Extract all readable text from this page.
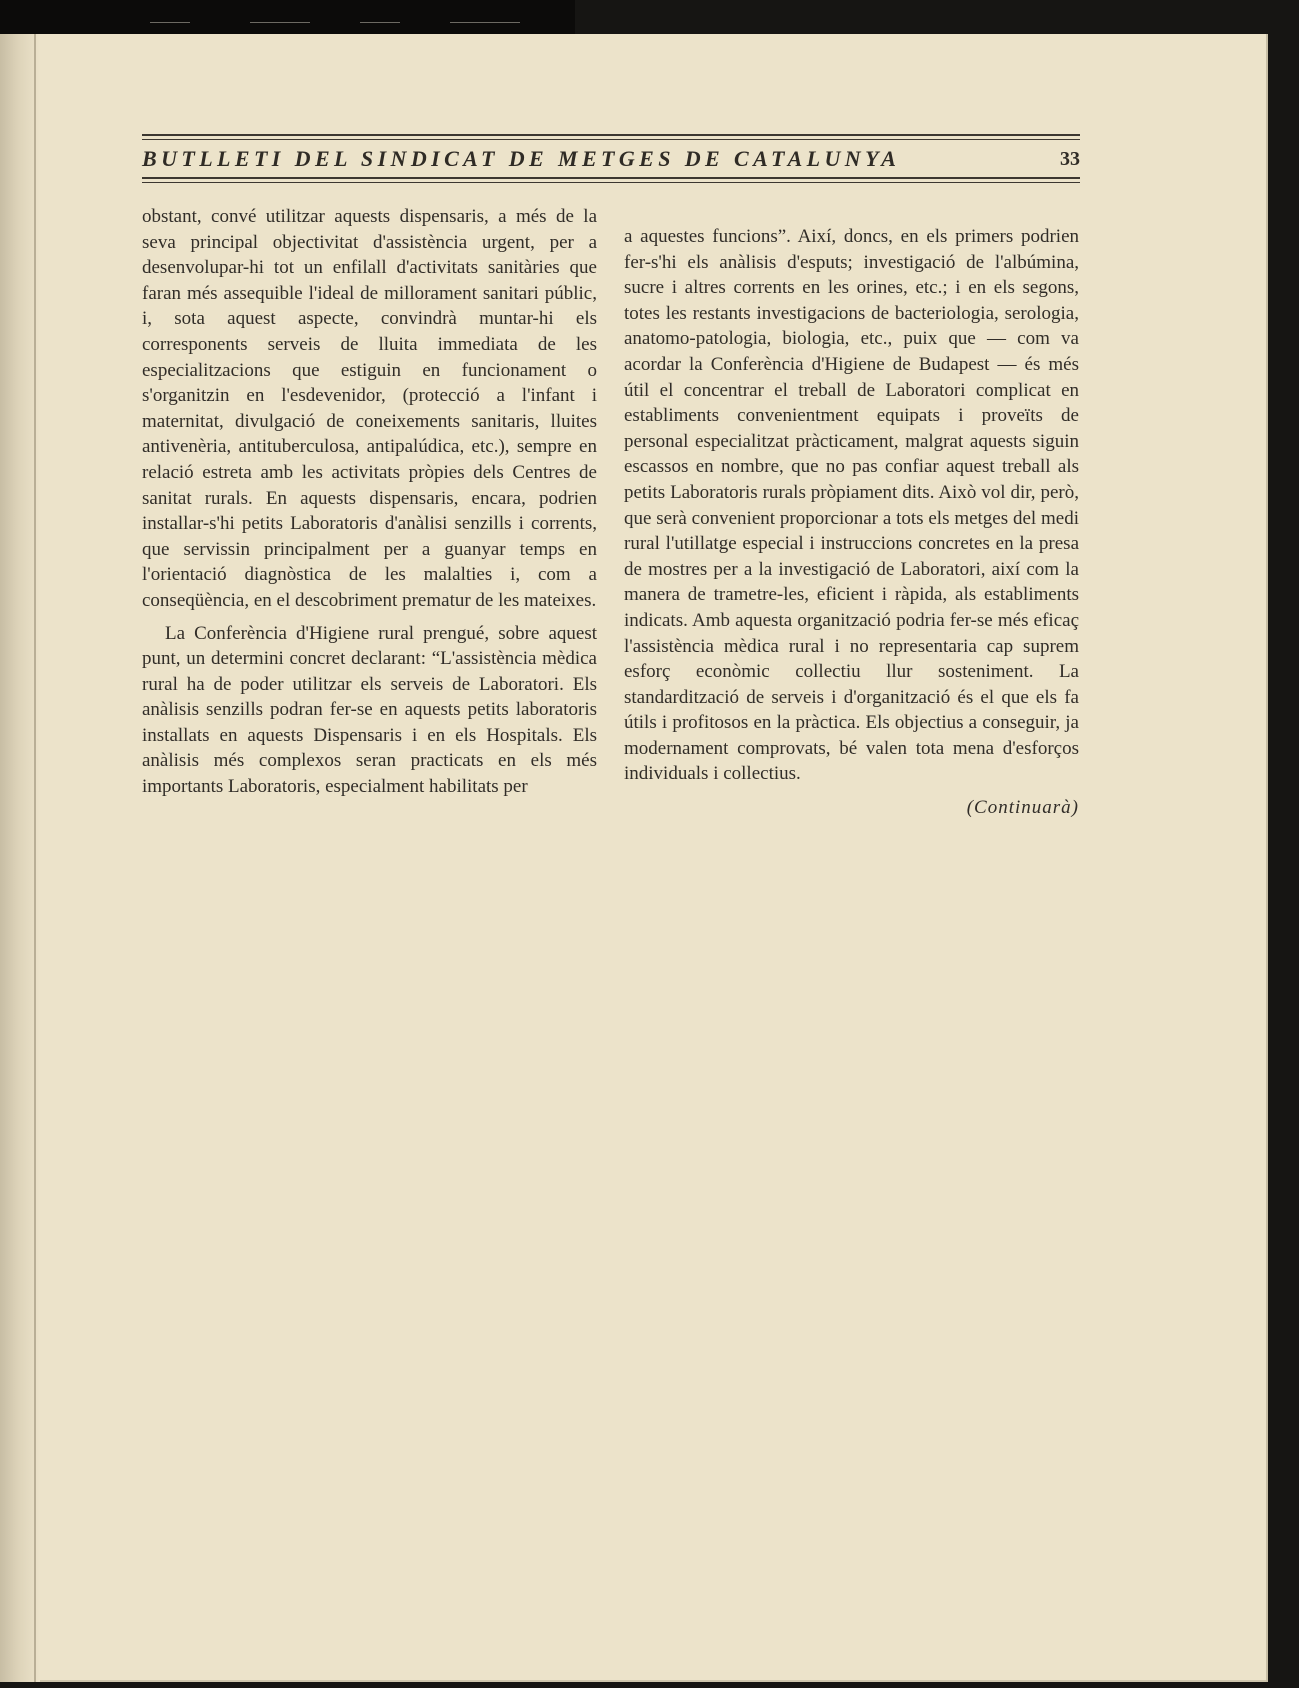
BUTLLETI DEL SINDICAT DE METGES DE CATALUNYA	33

obstant, convé utilitzar aquests dispensaris, a més de la seva principal objectivitat d'assistència urgent, per a desenvolupar-hi tot un enfilall d'activitats sanitàries que faran més assequible l'ideal de millorament sanitari públic, i, sota aquest aspecte, convindrà muntar-hi els corresponents serveis de lluita immediata de les especialitzacions que estiguin en funcionament o s'organitzin en l'esdevenidor, (protecció a l'infant i maternitat, divulgació de coneixements sanitaris, lluites antivenèria, antituberculosa, antipalúdica, etc.), sempre en relació estreta amb les activitats pròpies dels Centres de sanitat rurals. En aquests dispensaris, encara, podrien installar-s'hi petits Laboratoris d'anàlisi senzills i corrents, que servissin principalment per a guanyar temps en l'orientació diagnòstica de les malalties i, com a conseqüència, en el descobriment prematur de les mateixes.

La Conferència d'Higiene rural prengué, sobre aquest punt, un determini concret declarant: “L'assistència mèdica rural ha de poder utilitzar els serveis de Laboratori. Els anàlisis senzills podran fer-se en aquests petits laboratoris installats en aquests Dispensaris i en els Hospitals. Els anàlisis més complexos seran practicats en els més importants Laboratoris, especialment habilitats per

a aquestes funcions”. Així, doncs, en els primers podrien fer-s'hi els anàlisis d'esputs; investigació de l'albúmina, sucre i altres corrents en les orines, etc.; i en els segons, totes les restants investigacions de bacteriologia, serologia, anatomo-patologia, biologia, etc., puix que — com va acordar la Conferència d'Higiene de Budapest — és més útil el concentrar el treball de Laboratori complicat en establiments convenientment equipats i proveïts de personal especialitzat pràcticament, malgrat aquests siguin escassos en nombre, que no pas confiar aquest treball als petits Laboratoris rurals pròpiament dits. Això vol dir, però, que serà convenient proporcionar a tots els metges del medi rural l'utillatge especial i instruccions concretes en la presa de mostres per a la investigació de Laboratori, així com la manera de trametre-les, eficient i ràpida, als establiments indicats. Amb aquesta organització podria fer-se més eficaç l'assistència mèdica rural i no representaria cap suprem esforç econòmic collectiu llur sosteniment. La standardització de serveis i d'organització és el que els fa útils i profitosos en la pràctica. Els objectius a conseguir, ja modernament comprovats, bé valen tota mena d'esforços individuals i collectius.

(Continuarà)
